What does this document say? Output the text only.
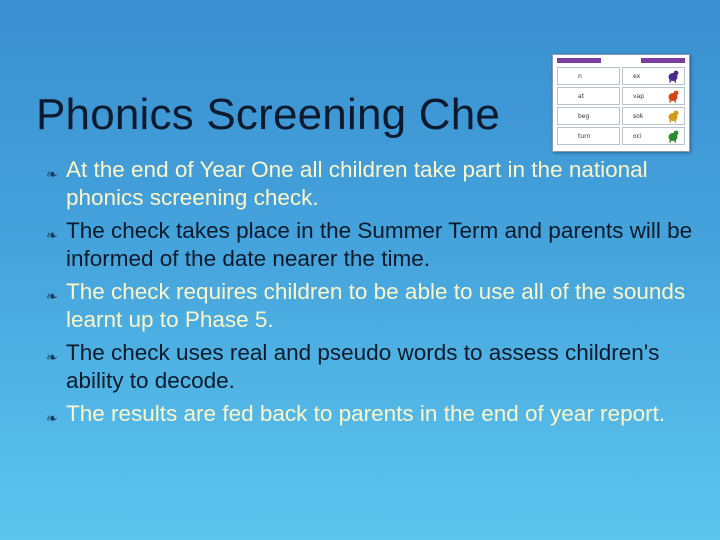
n	ex
at	vap
beg	sok
turn	oci
Phonics Screening Che
❧ At the end of Year One all children take part in the national phonics screening check.
❧ The check takes place in the Summer Term and parents will be informed of the date nearer the time.
❧ The check requires children to be able to use all of the sounds learnt up to Phase 5.
❧ The check uses real and pseudo words to assess children's ability to decode.
❧ The results are fed back to parents in the end of year report.
